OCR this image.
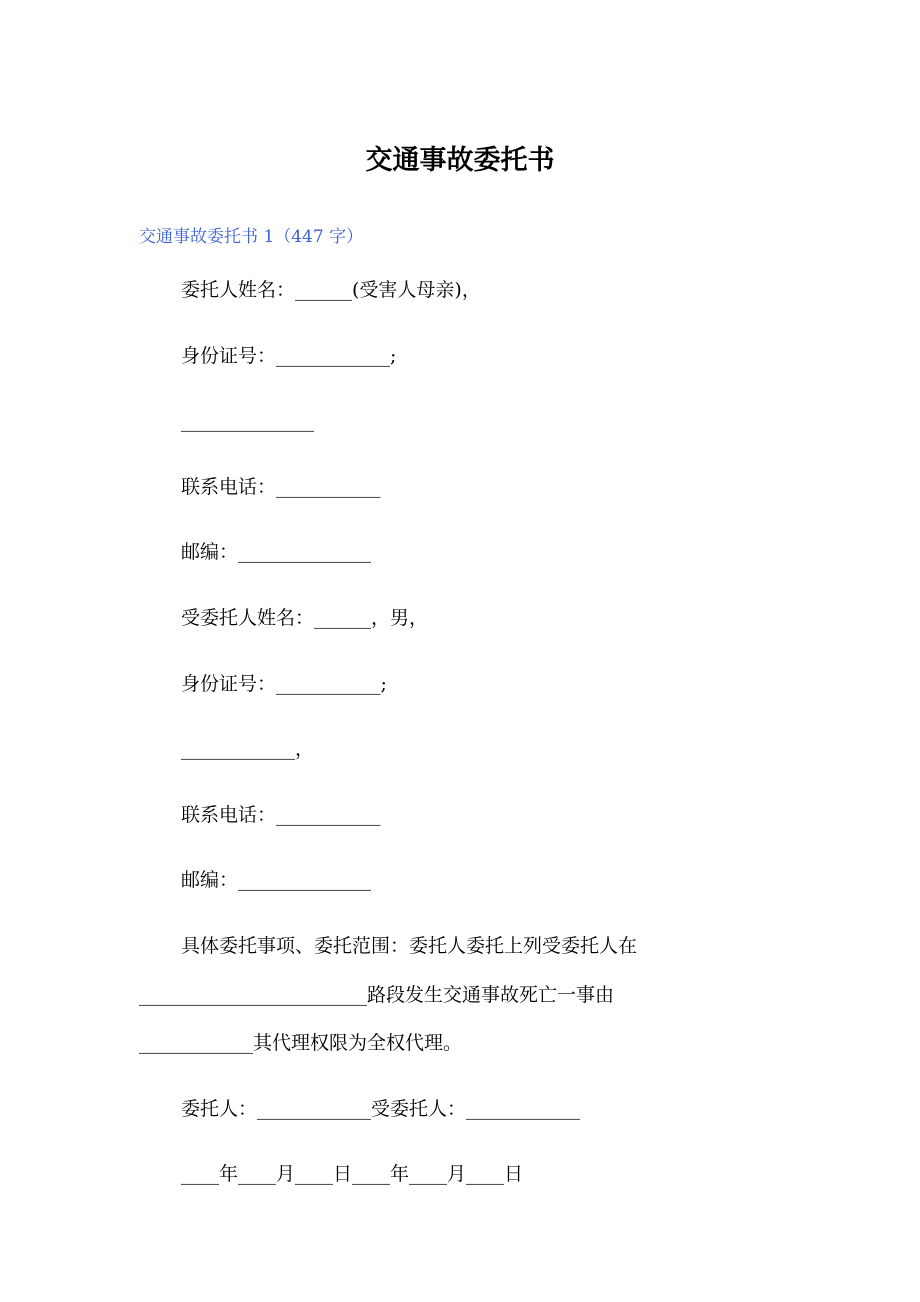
交通事故委托书

交通事故委托书 1（447 字）

委托人姓名：______(受害人母亲)，

身份证号：____________;

______________

联系电话：___________

邮编：______________

受委托人姓名：______，男，

身份证号：___________;

____________，

联系电话：___________

邮编：______________

具体委托事项、委托范围：委托人委托上列受委托人在

________________________路段发生交通事故死亡一事由

____________其代理权限为全权代理。

委托人：____________受委托人：____________

____年____月____日____年____月____日
